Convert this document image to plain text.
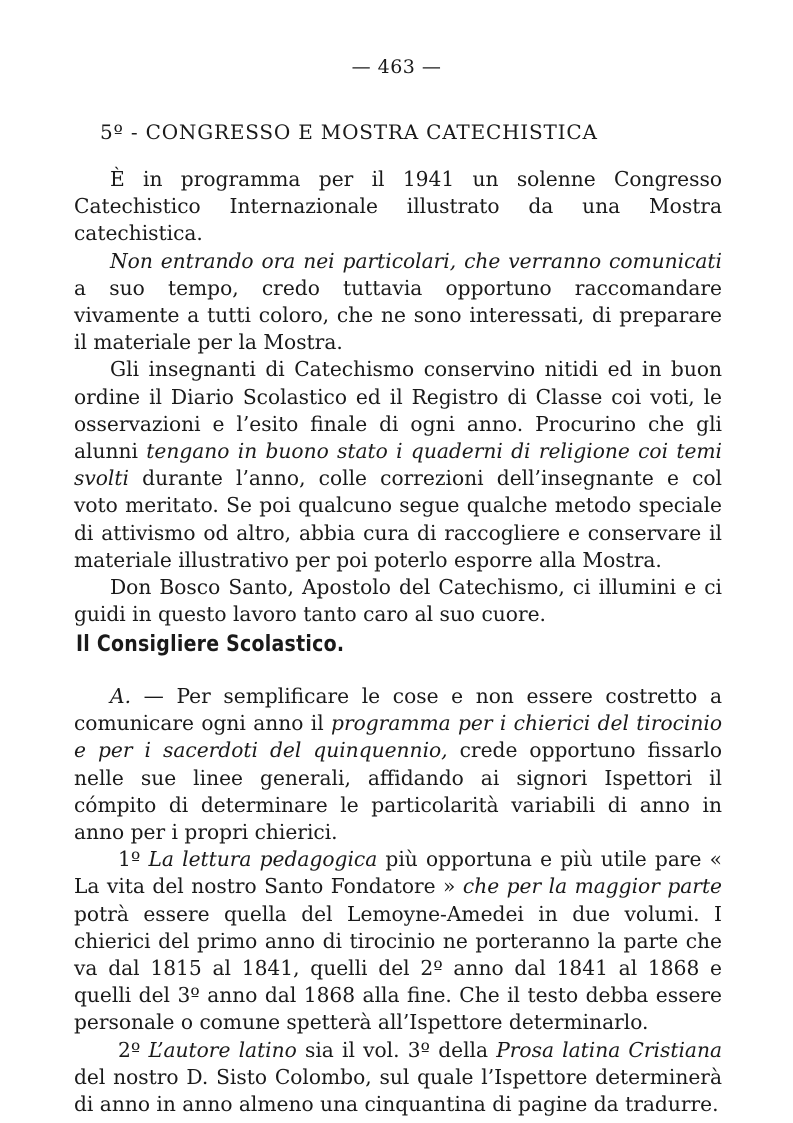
— 463 —
5º - CONGRESSO E MOSTRA CATECHISTICA

È in programma per il 1941 un solenne Congresso Catechistico Internazionale illustrato da una Mostra catechistica.

Non entrando ora nei particolari, che verranno comunicati a suo tempo, credo tuttavia opportuno raccomandare vivamente a tutti coloro, che ne sono interessati, di preparare il materiale per la Mostra.

Gli insegnanti di Catechismo conservino nitidi ed in buon ordine il Diario Scolastico ed il Registro di Classe coi voti, le osservazioni e l’esito finale di ogni anno. Procurino che gli alunni tengano in buono stato i quaderni di religione coi temi svolti durante l’anno, colle correzioni dell’insegnante e col voto meritato. Se poi qualcuno segue qualche metodo speciale di attivismo od altro, abbia cura di raccogliere e conservare il materiale illustrativo per poi poterlo esporre alla Mostra.

Don Bosco Santo, Apostolo del Catechismo, ci illumini e ci guidi in questo lavoro tanto caro al suo cuore.

Il Consigliere Scolastico.

A. — Per semplificare le cose e non essere costretto a comunicare ogni anno il programma per i chierici del tirocinio e per i sacerdoti del quinquennio, crede opportuno fissarlo nelle sue linee generali, affidando ai signori Ispettori il cómpito di determinare le particolarità variabili di anno in anno per i propri chierici.

1º La lettura pedagogica più opportuna e più utile pare « La vita del nostro Santo Fondatore » che per la maggior parte potrà essere quella del Lemoyne-Amedei in due volumi. I chierici del primo anno di tirocinio ne porteranno la parte che va dal 1815 al 1841, quelli del 2º anno dal 1841 al 1868 e quelli del 3º anno dal 1868 alla fine. Che il testo debba essere personale o comune spetterà all’Ispettore determinarlo.

2º L’autore latino sia il vol. 3º della Prosa latina Cristiana del nostro D. Sisto Colombo, sul quale l’Ispettore determinerà di anno in anno almeno una cinquantina di pagine da tradurre.
